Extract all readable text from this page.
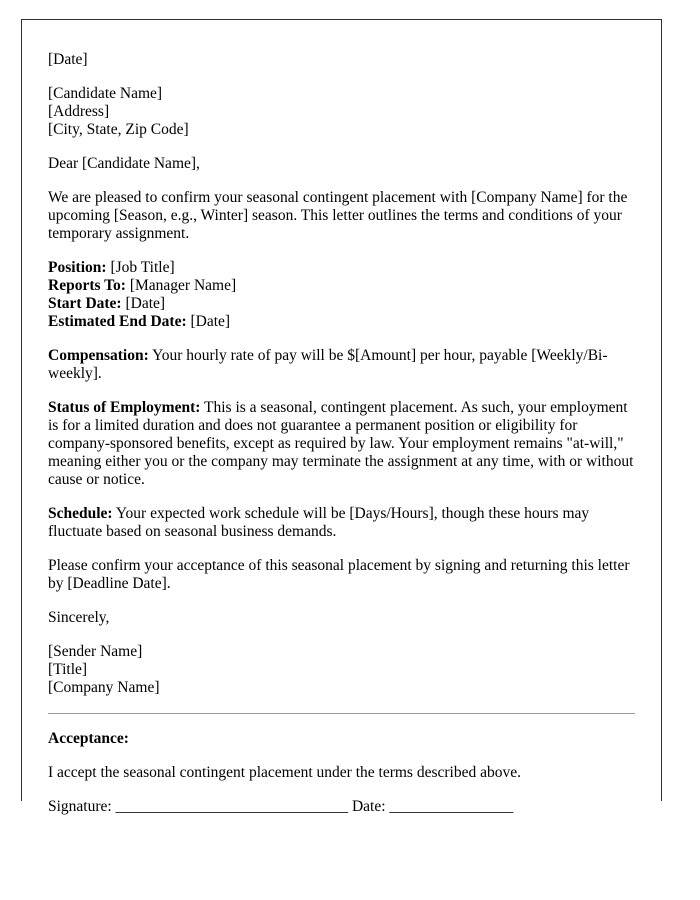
[Date]

[Candidate Name]
[Address]
[City, State, Zip Code]

Dear [Candidate Name],

We are pleased to confirm your seasonal contingent placement with [Company Name] for the upcoming [Season, e.g., Winter] season. This letter outlines the terms and conditions of your temporary assignment.

Position: [Job Title]
Reports To: [Manager Name]
Start Date: [Date]
Estimated End Date: [Date]

Compensation: Your hourly rate of pay will be $[Amount] per hour, payable [Weekly/Bi-weekly].

Status of Employment: This is a seasonal, contingent placement. As such, your employment is for a limited duration and does not guarantee a permanent position or eligibility for company-sponsored benefits, except as required by law. Your employment remains "at-will," meaning either you or the company may terminate the assignment at any time, with or without cause or notice.

Schedule: Your expected work schedule will be [Days/Hours], though these hours may fluctuate based on seasonal business demands.

Please confirm your acceptance of this seasonal placement by signing and returning this letter by [Deadline Date].

Sincerely,

[Sender Name]
[Title]
[Company Name]

Acceptance:

I accept the seasonal contingent placement under the terms described above.

Signature: ______________________________ Date: ________________
